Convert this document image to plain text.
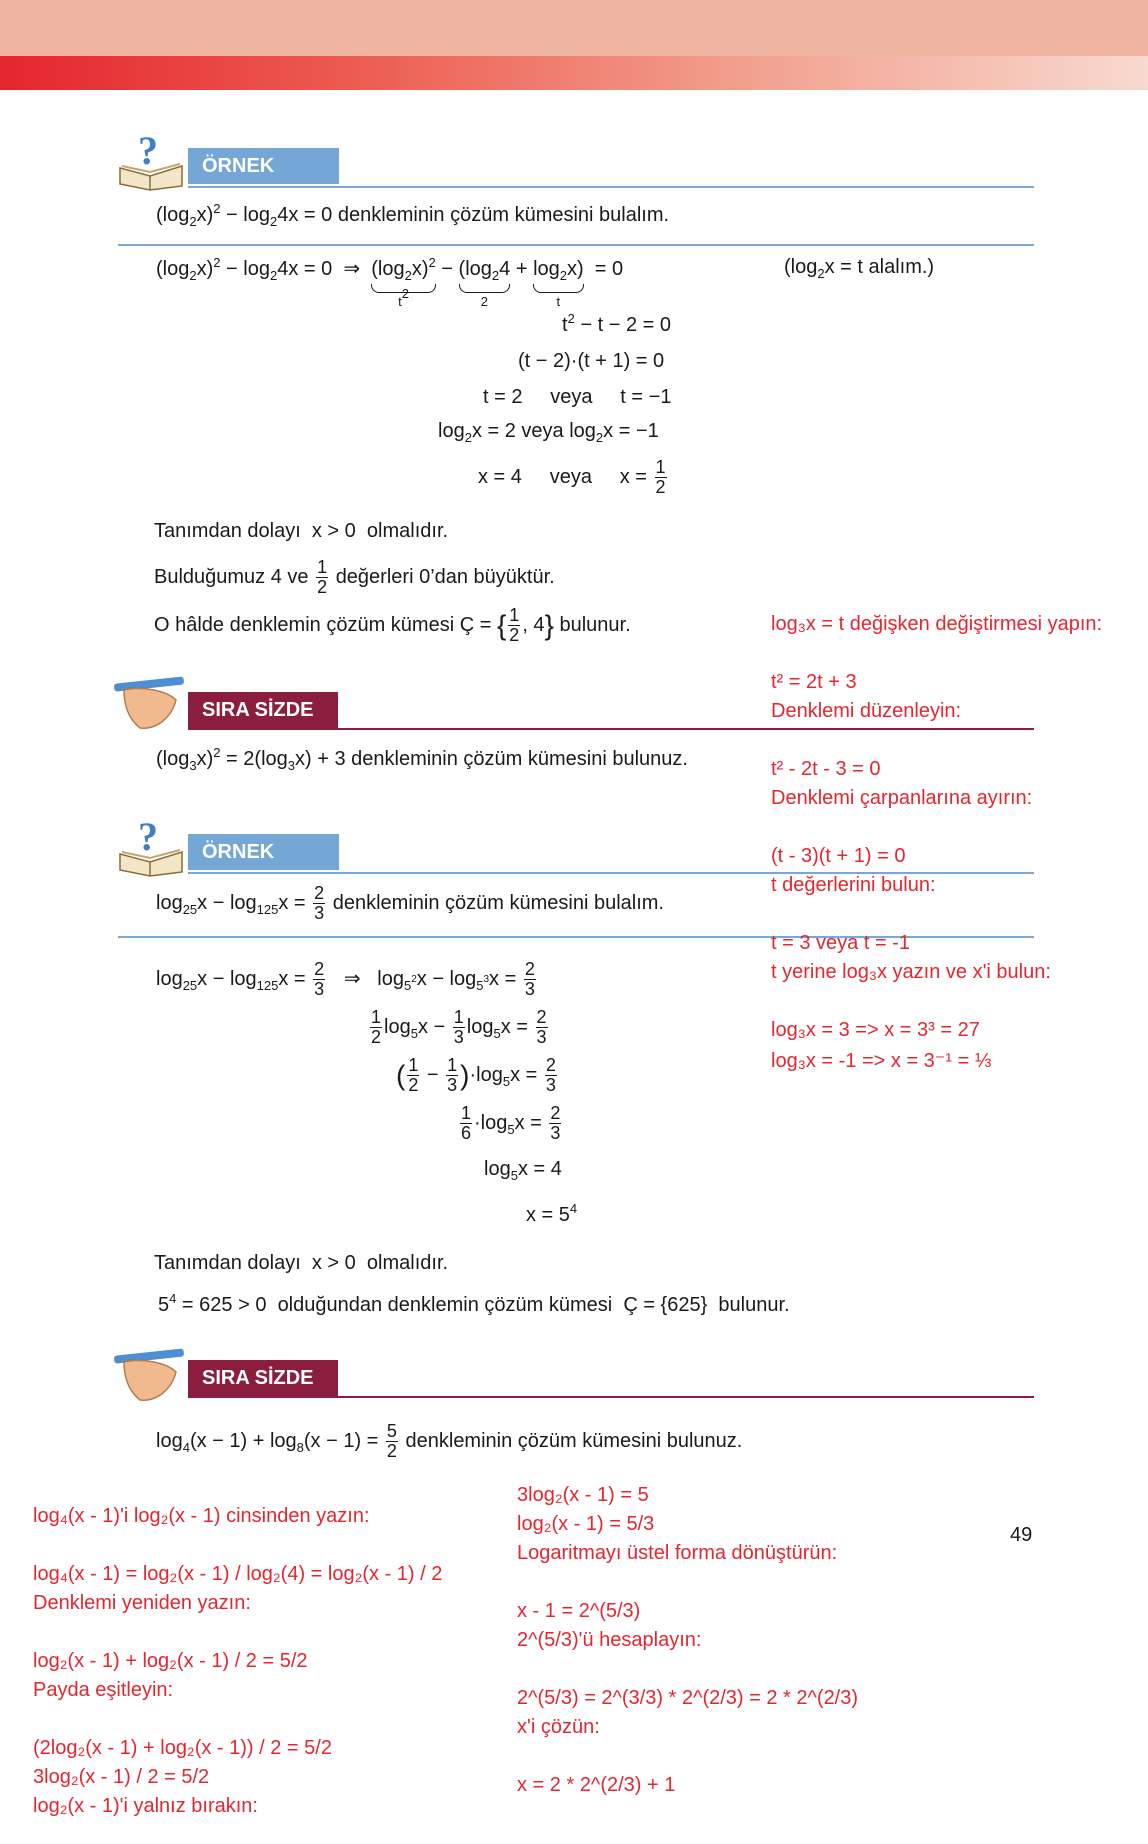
?	ÖRNEK
$(\log_2x)^2 - \log_24x = 0$ denkleminin çözüm kümesini bulalım.
$(\log_2x)^2 - \log_24x = 0$  ⇒  $(\log_2x)^2$
$t^2$
− ($\log_24$
2
+ $\log_2x$)
t
= 0	($\log_2x = t$ alalım.)
$t^2 - t - 2 = 0$
(t − 2)·(t + 1) = 0
t = 2     veya     t = −1
$\log_2x = 2$ veya $\log_2x = -1$
x = 4     veya     $x = \frac{1}{2}$
Tanımdan dolayı  x > 0  olmalıdır.
Bulduğumuz 4 ve $\frac{1}{2}$ değerleri 0’dan büyüktür.
O hâlde denklemin çözüm kümesi Ç = { $\frac{1}{2}$ , 4} bulunur.
SIRA SİZDE
$(\log_3x)^2 = 2(\log_3x) + 3$ denkleminin çözüm kümesini bulunuz.
?	ÖRNEK
$\log_{25}x - \log_{125}x = \frac{2}{3}$ denkleminin çözüm kümesini bulalım.
$\log_{25}x - \log_{125}x = \frac{2}{3}$ ⇒   $\log_{5^2}x - \log_{5^3}x = \frac{2}{3}$
$\frac{1}{2} \log_5x - \frac{1}{3} \log_5x = \frac{2}{3}$
( $\frac{1}{2} - \frac{1}{3} )\cdot\log_5x = \frac{2}{3}$
$\frac{1}{6} \cdot\log_5x = \frac{2}{3}$
$\log_5x = 4$
$x = 5^4$
Tanımdan dolayı  x > 0  olmalıdır.
$5^4 = 625 > 0$  olduğundan denklemin çözüm kümesi  Ç = {625}  bulunur.
SIRA SİZDE
$\log_4(x - 1) + \log_8(x - 1) = \frac{5}{2}$ denkleminin çözüm kümesini bulunuz.
49
log₃x = t değişken değiştirmesi yapın:
t² = 2t + 3
Denklemi düzenleyin:
t² - 2t - 3 = 0
Denklemi çarpanlarına ayırın:
(t - 3)(t + 1) = 0
t değerlerini bulun:
t = 3 veya t = -1
t yerine log₃x yazın ve x'i bulun:
log₃x = 3 => x = 3³ = 27
log₃x = -1 => x = 3⁻¹ = ⅓
log₄(x - 1)'i log₂(x - 1) cinsinden yazın:
log₄(x - 1) = log₂(x - 1) / log₂(4) = log₂(x - 1) / 2
Denklemi yeniden yazın:
log₂(x - 1) + log₂(x - 1) / 2 = 5/2
Payda eşitleyin:
(2log₂(x - 1) + log₂(x - 1)) / 2 = 5/2
3log₂(x - 1) / 2 = 5/2
log₂(x - 1)'i yalnız bırakın:
3log₂(x - 1) = 5
log₂(x - 1) = 5/3
Logaritmayı üstel forma dönüştürün:
x - 1 = 2^(5/3)
2^(5/3)'ü hesaplayın:
2^(5/3) = 2^(3/3) * 2^(2/3) = 2 * 2^(2/3)
x'i çözün:
x = 2 * 2^(2/3) + 1
